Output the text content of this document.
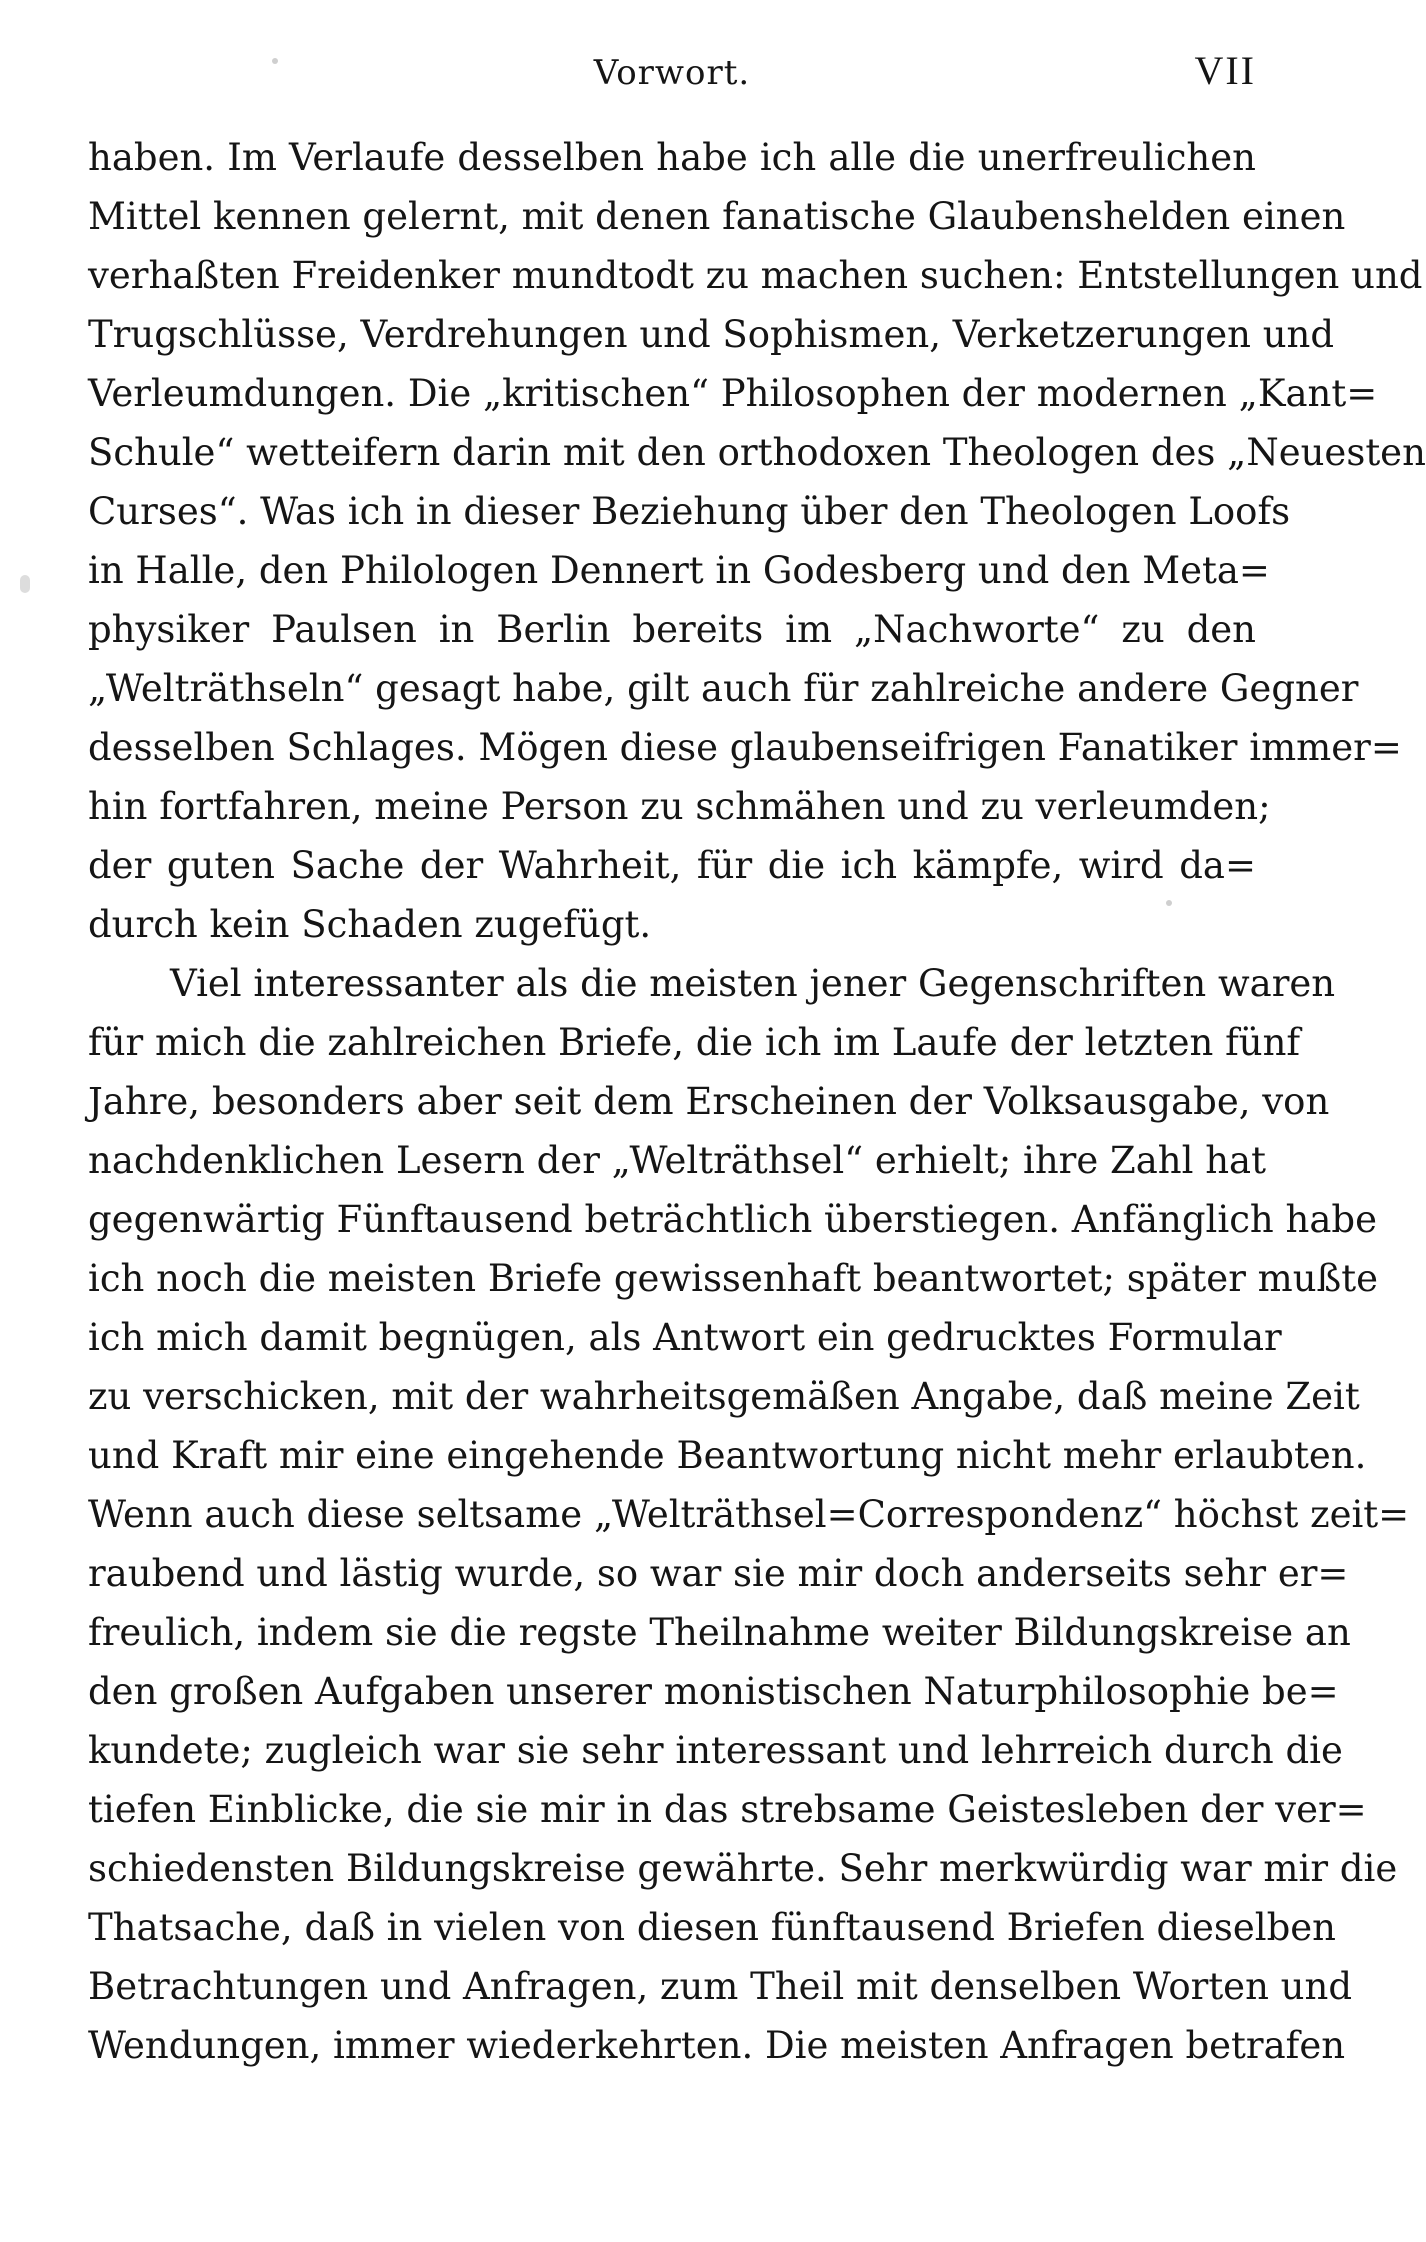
Vorwort.	VII
haben. Im Verlaufe desselben habe ich alle die unerfreulichen
Mittel kennen gelernt, mit denen fanatische Glaubenshelden einen
verhaßten Freidenker mundtodt zu machen suchen: Entstellungen und
Trugschlüsse, Verdrehungen und Sophismen, Verketzerungen und
Verleumdungen. Die „kritischen“ Philosophen der modernen „Kant=
Schule“ wetteifern darin mit den orthodoxen Theologen des „Neuesten
Curses“. Was ich in dieser Beziehung über den Theologen Loofs
in Halle, den Philologen Dennert in Godesberg und den Meta=
physiker Paulsen in Berlin bereits im „Nachworte“ zu den
„Welträthseln“ gesagt habe, gilt auch für zahlreiche andere Gegner
desselben Schlages. Mögen diese glaubenseifrigen Fanatiker immer=
hin fortfahren, meine Person zu schmähen und zu verleumden;
der guten Sache der Wahrheit, für die ich kämpfe, wird da=
durch kein Schaden zugefügt.
Viel interessanter als die meisten jener Gegenschriften waren
für mich die zahlreichen Briefe, die ich im Laufe der letzten fünf
Jahre, besonders aber seit dem Erscheinen der Volksausgabe, von
nachdenklichen Lesern der „Welträthsel“ erhielt; ihre Zahl hat
gegenwärtig Fünftausend beträchtlich überstiegen. Anfänglich habe
ich noch die meisten Briefe gewissenhaft beantwortet; später mußte
ich mich damit begnügen, als Antwort ein gedrucktes Formular
zu verschicken, mit der wahrheitsgemäßen Angabe, daß meine Zeit
und Kraft mir eine eingehende Beantwortung nicht mehr erlaubten.
Wenn auch diese seltsame „Welträthsel=Correspondenz“ höchst zeit=
raubend und lästig wurde, so war sie mir doch anderseits sehr er=
freulich, indem sie die regste Theilnahme weiter Bildungskreise an
den großen Aufgaben unserer monistischen Naturphilosophie be=
kundete; zugleich war sie sehr interessant und lehrreich durch die
tiefen Einblicke, die sie mir in das strebsame Geistesleben der ver=
schiedensten Bildungskreise gewährte. Sehr merkwürdig war mir die
Thatsache, daß in vielen von diesen fünftausend Briefen dieselben
Betrachtungen und Anfragen, zum Theil mit denselben Worten und
Wendungen, immer wiederkehrten. Die meisten Anfragen betrafen
